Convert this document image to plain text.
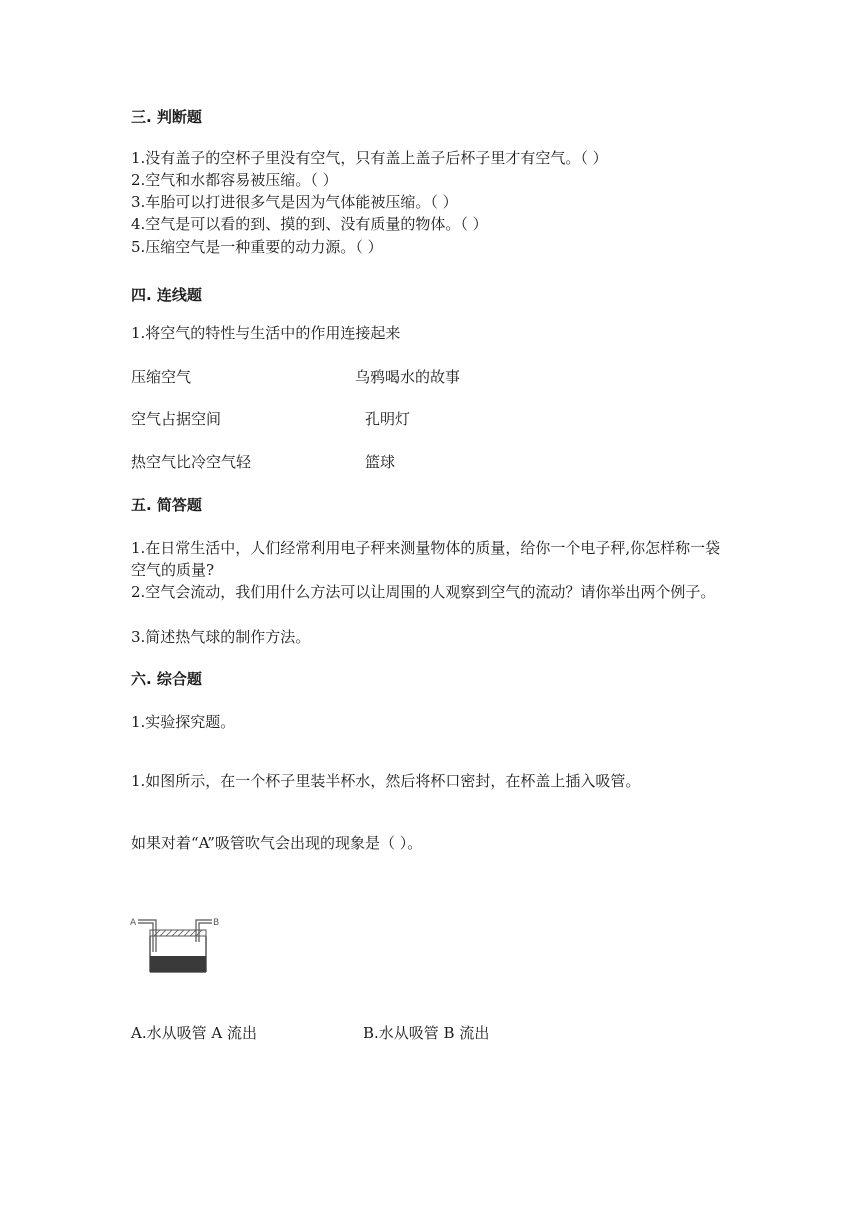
三. 判断题
1.没有盖子的空杯子里没有空气，只有盖上盖子后杯子里才有空气。（ ）
2.空气和水都容易被压缩。（ ）
3.车胎可以打进很多气是因为气体能被压缩。（ ）
4.空气是可以看的到、摸的到、没有质量的物体。（ ）
5.压缩空气是一种重要的动力源。（ ）
四. 连线题
1.将空气的特性与生活中的作用连接起来
压缩空气	乌鸦喝水的故事
空气占据空间	孔明灯
热空气比冷空气轻	篮球
五. 简答题
1.在日常生活中，人们经常利用电子秤来测量物体的质量，给你一个电子秤,你怎样称一袋空气的质量?
2.空气会流动，我们用什么方法可以让周围的人观察到空气的流动？请你举出两个例子。
3.简述热气球的制作方法。
六. 综合题
1.实验探究题。
1.如图所示，在一个杯子里装半杯水，然后将杯口密封，在杯盖上插入吸管。
如果对着“A”吸管吹气会出现的现象是（ ）。
A	B
A.水从吸管 A 流出	B.水从吸管 B 流出
